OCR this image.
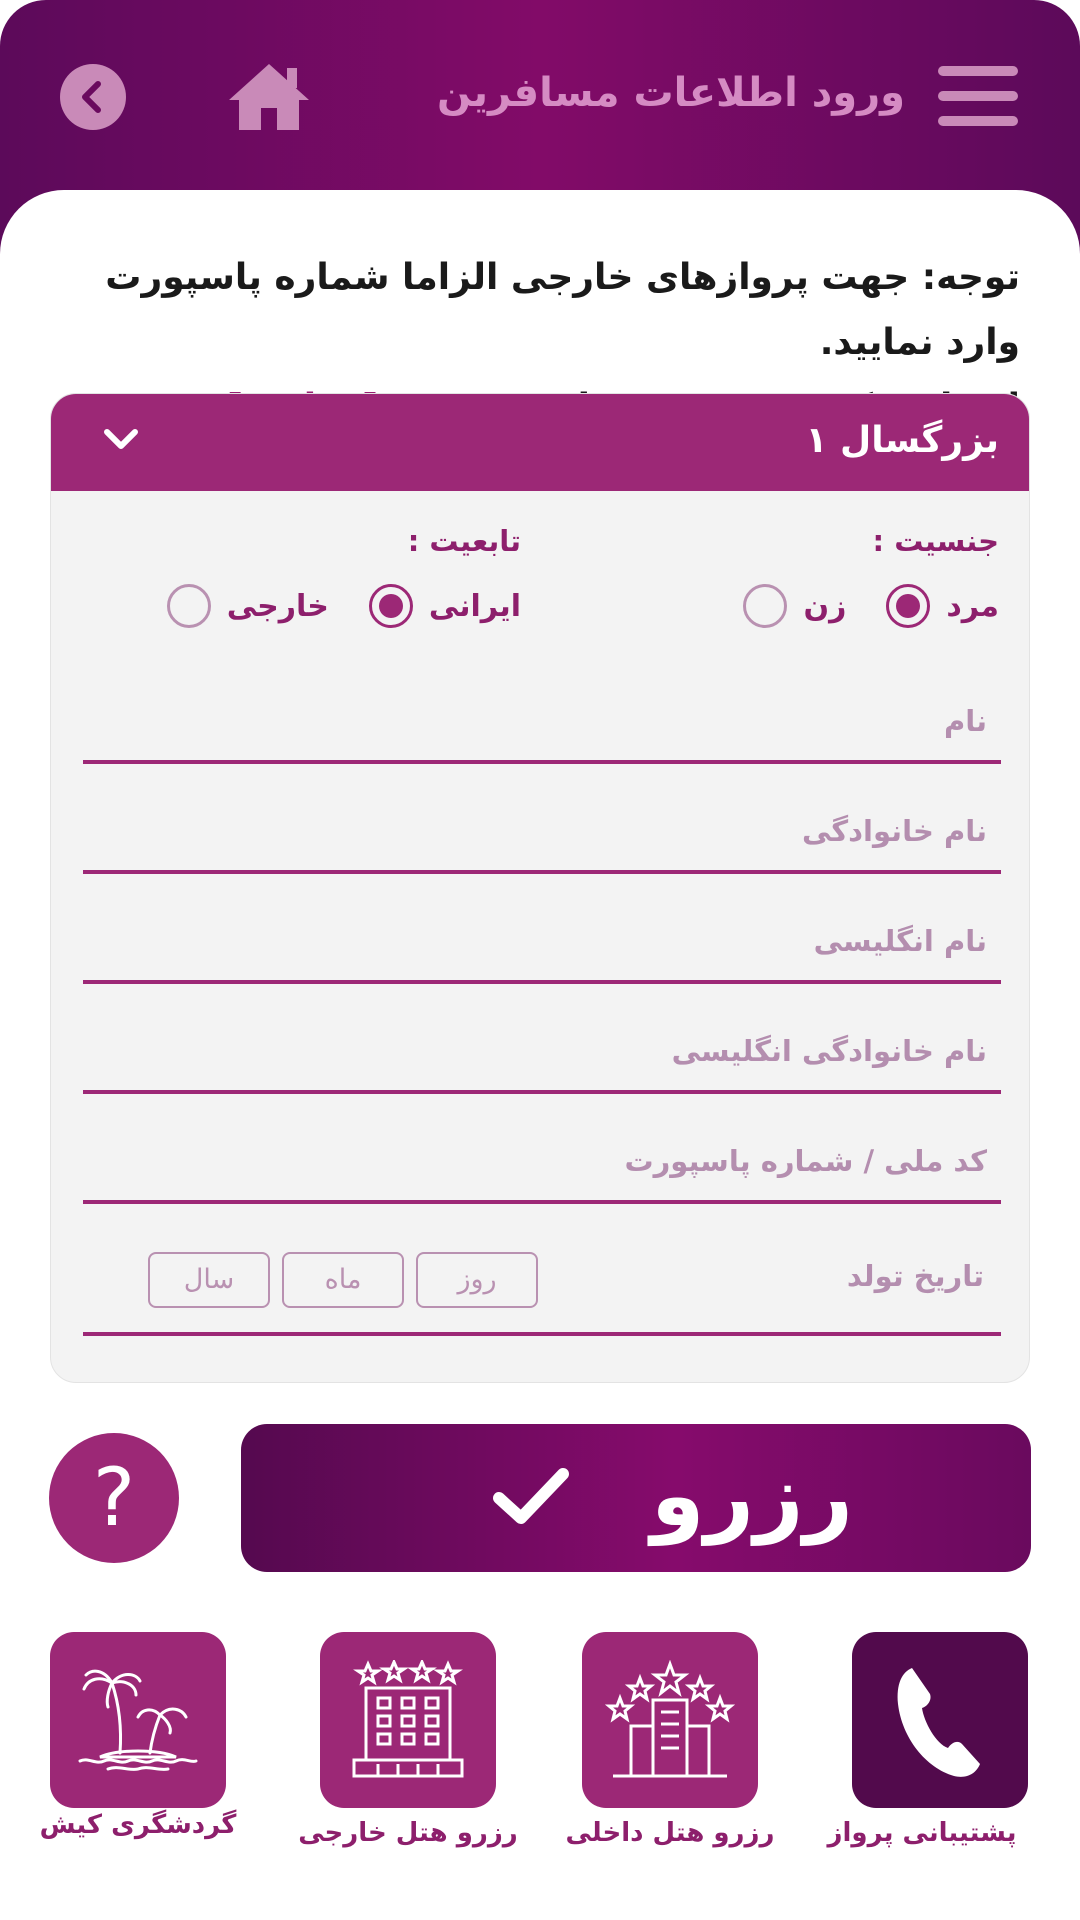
ورود اطلاعات مسافرین
توجه: جهت پروازهای خارجی الزاما شماره پاسپورت وارد نمایید.
بزرگسال ۱
جنسیت :
مرد
زن
تابعیت :
ایرانی
خارجی
نام
نام خانوادگی
نام انگلیسی
نام خانوادگی انگلیسی
کد ملی / شماره پاسپورت
تاریخ تولد
روز
ماه
سال
رزرو
?
پشتیبانی پرواز
رزرو هتل داخلی
رزرو هتل خارجی
گردشگری کیش
